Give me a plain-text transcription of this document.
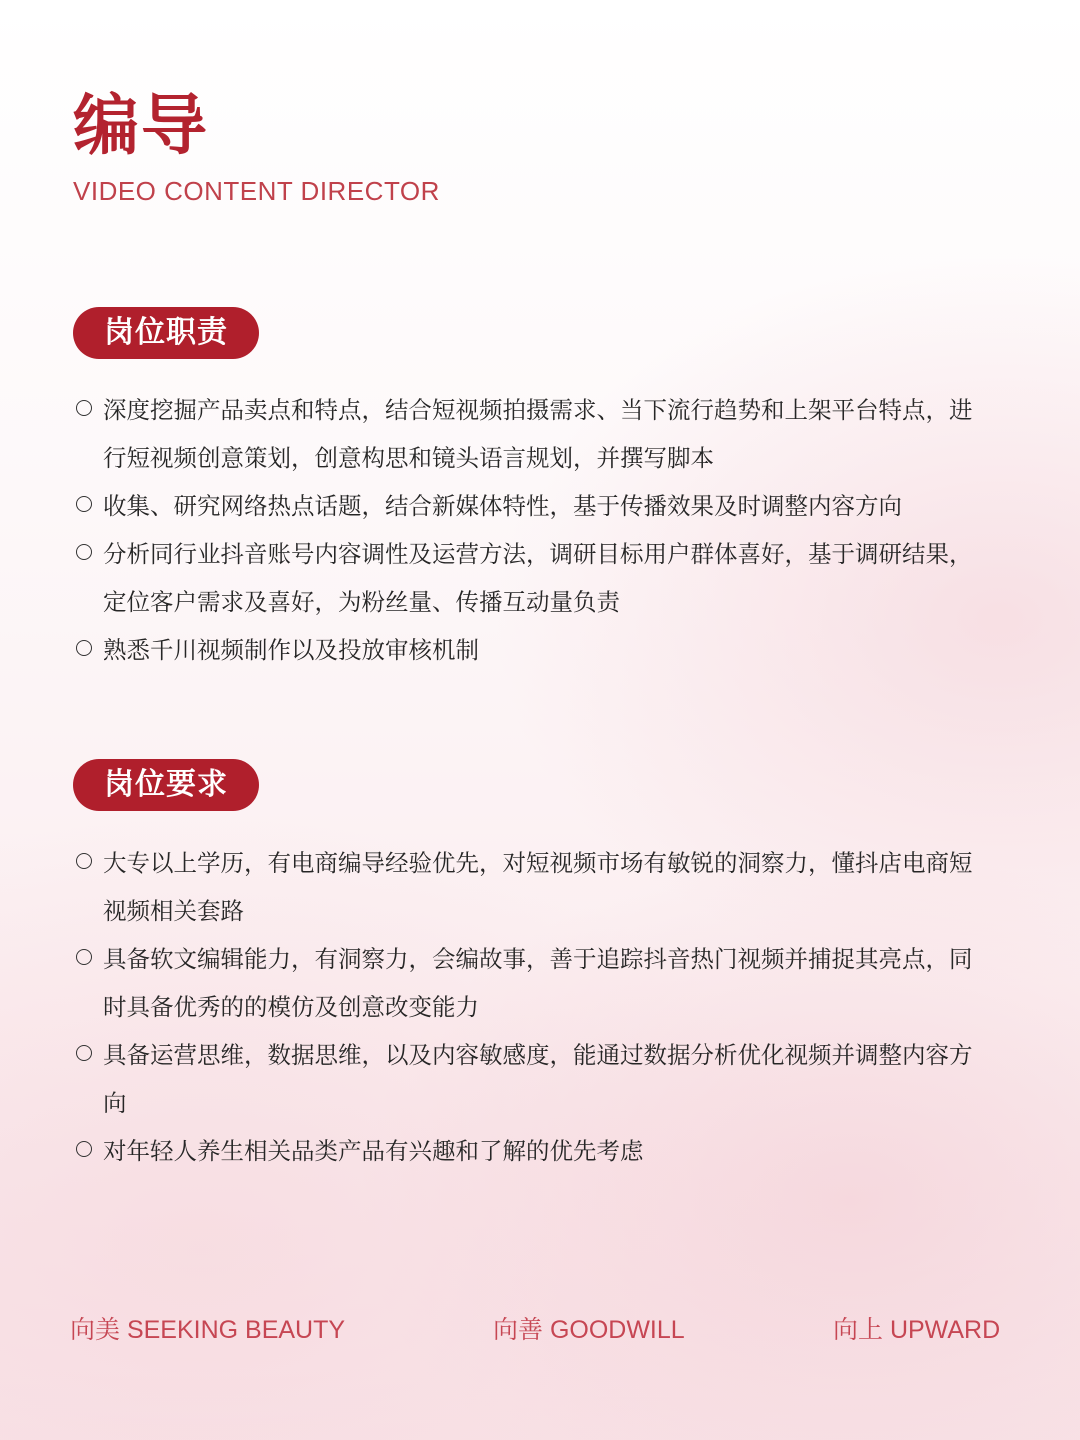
编导
VIDEO CONTENT DIRECTOR
岗位职责
深度挖掘产品卖点和特点，结合短视频拍摄需求、当下流行趋势和上架平台特点，进行短视频创意策划，创意构思和镜头语言规划，并撰写脚本
收集、研究网络热点话题，结合新媒体特性，基于传播效果及时调整内容方向
分析同行业抖音账号内容调性及运营方法，调研目标用户群体喜好，基于调研结果，定位客户需求及喜好，为粉丝量、传播互动量负责
熟悉千川视频制作以及投放审核机制
岗位要求
大专以上学历，有电商编导经验优先，对短视频市场有敏锐的洞察力，懂抖店电商短视频相关套路
具备软文编辑能力，有洞察力，会编故事，善于追踪抖音热门视频并捕捉其亮点，同时具备优秀的的模仿及创意改变能力
具备运营思维，数据思维，以及内容敏感度，能通过数据分析优化视频并调整内容方向
对年轻人养生相关品类产品有兴趣和了解的优先考虑
向美 SEEKING BEAUTY	向善 GOODWILL	向上 UPWARD
